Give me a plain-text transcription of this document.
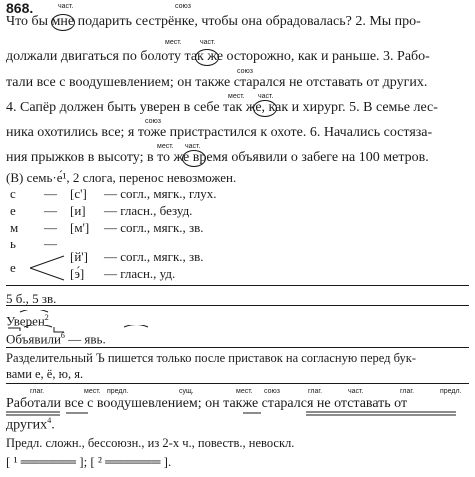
868.	част.	союз
Что бы мне подарить сестрёнке, чтобы она обрадовалась? 2. Мы про-
мест.	част.
должали двигаться по болоту так же осторожно, как и раньше. 3. Рабо-
союз
тали все с воодушевлением; он также старался не отставать от других.
мест. част.
4. Сапёр должен быть уверен в себе так же, как и хирург. 5. В семье лес-
союз
ника охотились все; я тоже пристрастился к охоте. 6. Начались состяза-
мест. част.
ния прыжков в высоту; в то же время объявили о забеге на 100 метров.
(В) семь·е́¹, 2 слога, перенос невозможен.
с — [с'] — согл., мягк., глух.
е — [и] — гласн., безуд.
м — [м'] — согл., мягк., зв.
ь —
е
[й'] — согл., мягк., зв.
[э́] — гласн., уд.
5 б., 5 зв.
Уверен$^2$
Объявили$^6$ — явь.
Разделительный Ъ пишется только после приставок на согласную перед бук-
вами е, ё, ю, я.
глаг.	мест. предл.	сущ.	мест. союз	глаг.	част.	глаг.	предл.
Работали все с воодушевлением; он также старался не отставать от
других$^4$.
Предл. сложн., бессоюзн., из 2-х ч., повеств., невоскл.
[ ¹ ══════ ]; [ ² ══════ ].
